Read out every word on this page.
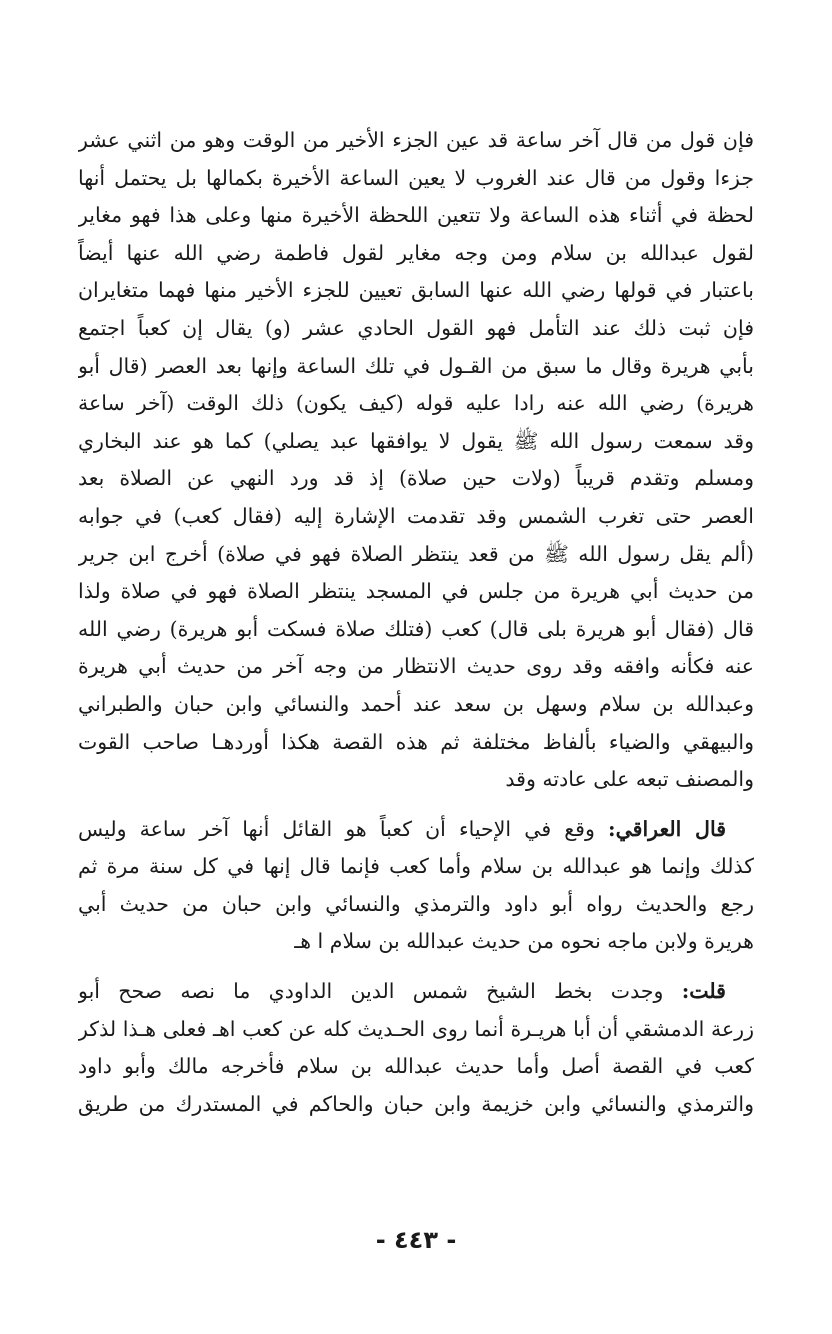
فإن قول من قال آخر ساعة قد عين الجزء الأخير من الوقت وهو من اثني عشر
جزءا وقول من قال عند الغروب لا يعين الساعة الأخيرة بكمالها بل يحتمل أنها
لحظة في أثناء هذه الساعة ولا تتعين اللحظة الأخيرة منها وعلى هذا فهو مغاير
لقول عبدالله بن سلام ومن وجه مغاير لقول فاطمة رضي الله عنها أيضاً
باعتبار في قولها رضي الله عنها السابق تعيين للجزء الأخير منها فهما متغايران
فإن ثبت ذلك عند التأمل فهو القول الحادي عشر (و) يقال إن كعباً اجتمع
بأبي هريرة وقال ما سبق من القـول في تلك الساعة وإنها بعد العصر (قال أبو
هريرة) رضي الله عنه رادا عليه قوله (كيف يكون) ذلك الوقت (آخر ساعة
وقد سمعت رسول الله ﷺ يقول لا يوافقها عبد يصلي) كما هو عند البخاري
ومسلم وتقدم قريباً (ولات حين صلاة) إذ قد ورد النهي عن الصلاة بعد
العصر حتى تغرب الشمس وقد تقدمت الإشارة إليه (فقال كعب) في جوابه
(ألم يقل رسول الله ﷺ من قعد ينتظر الصلاة فهو في صلاة) أخرج ابن جرير
من حديث أبي هريرة من جلس في المسجد ينتظر الصلاة فهو في صلاة ولذا
قال (فقال أبو هريرة بلى قال) كعب (فتلك صلاة فسكت أبو هريرة) رضي الله
عنه فكأنه وافقه وقد روى حديث الانتظار من وجه آخر من حديث أبي هريرة
وعبدالله بن سلام وسهل بن سعد عند أحمد والنسائي وابن حبان والطبراني
والبيهقي والضياء بألفاظ مختلفة ثم هذه القصة هكذا أوردهـا صاحب القوت
والمصنف تبعه على عادته وقد
قال العراقي: وقع في الإحياء أن كعباً هو القائل أنها آخر ساعة وليس
كذلك وإنما هو عبدالله بن سلام وأما كعب فإنما قال إنها في كل سنة مرة ثم
رجع والحديث رواه أبو داود والترمذي والنسائي وابن حبان من حديث أبي
هريرة ولابن ماجه نحوه من حديث عبدالله بن سلام ا هـ
قلت: وجدت بخط الشيخ شمس الدين الداودي ما نصه صحح أبو
زرعة الدمشقي أن أبا هريـرة أنما روى الحـديث كله عن كعب اهـ فعلى هـذا لذكر
كعب في القصة أصل وأما حديث عبدالله بن سلام فأخرجه مالك وأبو داود
والترمذي والنسائي وابن خزيمة وابن حبان والحاكم في المستدرك من طريق
- ٤٤٣ -
